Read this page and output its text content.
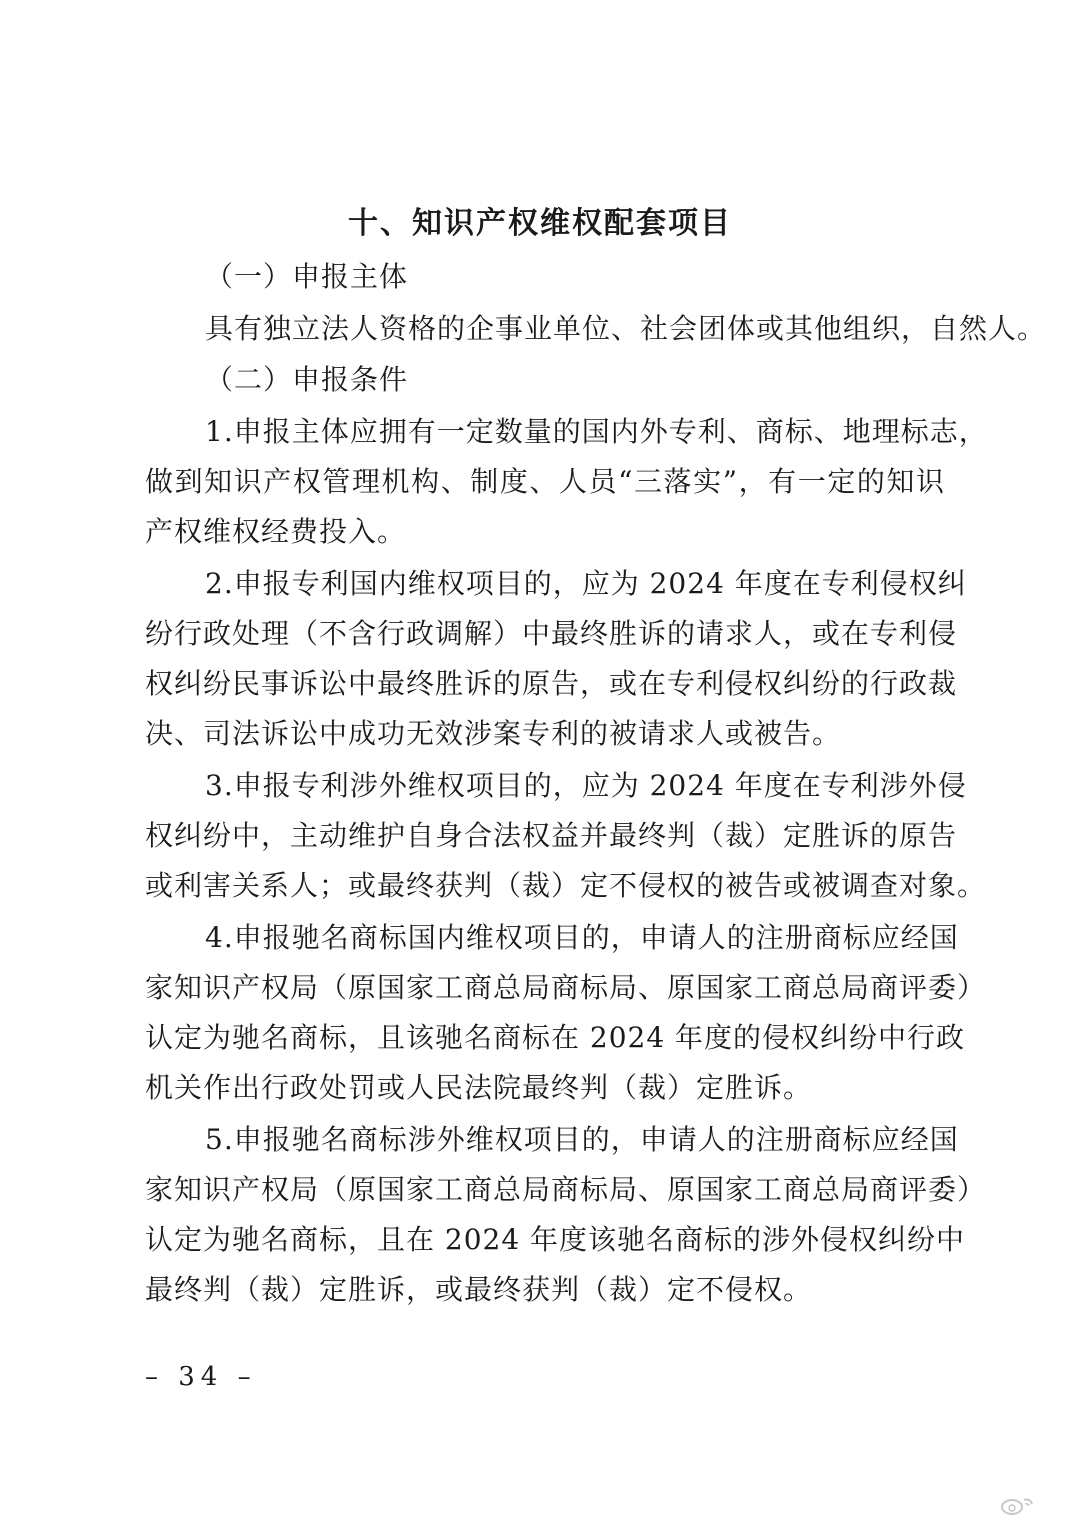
十、知识产权维权配套项目
（一）申报主体
具有独立法人资格的企事业单位、社会团体或其他组织，自然人。
（二）申报条件
1.申报主体应拥有一定数量的国内外专利、商标、地理标志，
做到知识产权管理机构、制度、人员“三落实”，有一定的知识
产权维权经费投入。
2.申报专利国内维权项目的，应为 2024 年度在专利侵权纠
纷行政处理（不含行政调解）中最终胜诉的请求人，或在专利侵
权纠纷民事诉讼中最终胜诉的原告，或在专利侵权纠纷的行政裁
决、司法诉讼中成功无效涉案专利的被请求人或被告。
3.申报专利涉外维权项目的，应为 2024 年度在专利涉外侵
权纠纷中，主动维护自身合法权益并最终判（裁）定胜诉的原告
或利害关系人；或最终获判（裁）定不侵权的被告或被调查对象。
4.申报驰名商标国内维权项目的，申请人的注册商标应经国
家知识产权局（原国家工商总局商标局、原国家工商总局商评委）
认定为驰名商标，且该驰名商标在 2024 年度的侵权纠纷中行政
机关作出行政处罚或人民法院最终判（裁）定胜诉。
5.申报驰名商标涉外维权项目的，申请人的注册商标应经国
家知识产权局（原国家工商总局商标局、原国家工商总局商评委）
认定为驰名商标，且在 2024 年度该驰名商标的涉外侵权纠纷中
最终判（裁）定胜诉，或最终获判（裁）定不侵权。
– 34 –
